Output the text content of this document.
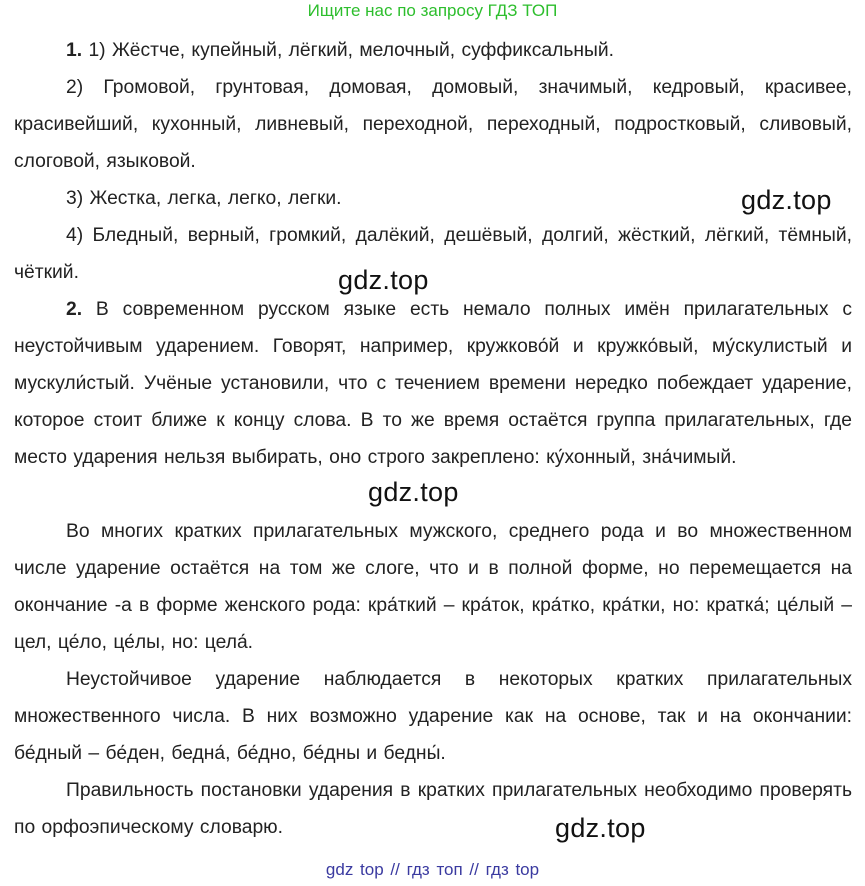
Ищите нас по запросу ГДЗ ТОП
1. 1) Жёстче, купейный, лёгкий, мелочный, суффиксальный.
2) Громовой, грунтовая, домовая, домовый, значимый, кедровый, красивее, красивейший, кухонный, ливневый, переходной, переходный, подростковый, сливовый, слоговой, языковой.
3) Жестка, легка, легко, легки.
4) Бледный, верный, громкий, далёкий, дешёвый, долгий, жёсткий, лёгкий, тёмный, чёткий.
2. В современном русском языке есть немало полных имён прилагательных с неустойчивым ударением. Говорят, например, кружково́й и кружко́вый, му́скулистый и мускули́стый. Учёные установили, что с течением времени нередко побеждает ударение, которое стоит ближе к концу слова. В то же время остаётся группа прилагательных, где место ударения нельзя выбирать, оно строго закреплено: ку́хонный, зна́чимый.
Во многих кратких прилагательных мужского, среднего рода и во множественном числе ударение остаётся на том же слоге, что и в полной форме, но перемещается на окончание -а в форме женского рода: кра́ткий – кра́ток, кра́тко, кра́тки, но: кратка́; це́лый – цел, це́ло, це́лы, но: цела́.
Неустойчивое ударение наблюдается в некоторых кратких прилагательных множественного числа. В них возможно ударение как на основе, так и на окончании: бе́дный – бе́ден, бедна́, бе́дно, бе́дны и бедны́.
Правильность постановки ударения в кратких прилагательных необходимо проверять по орфоэпическому словарю.
gdz.top
gdz.top
gdz.top
gdz.top
gdz top // гдз топ // гдз top
